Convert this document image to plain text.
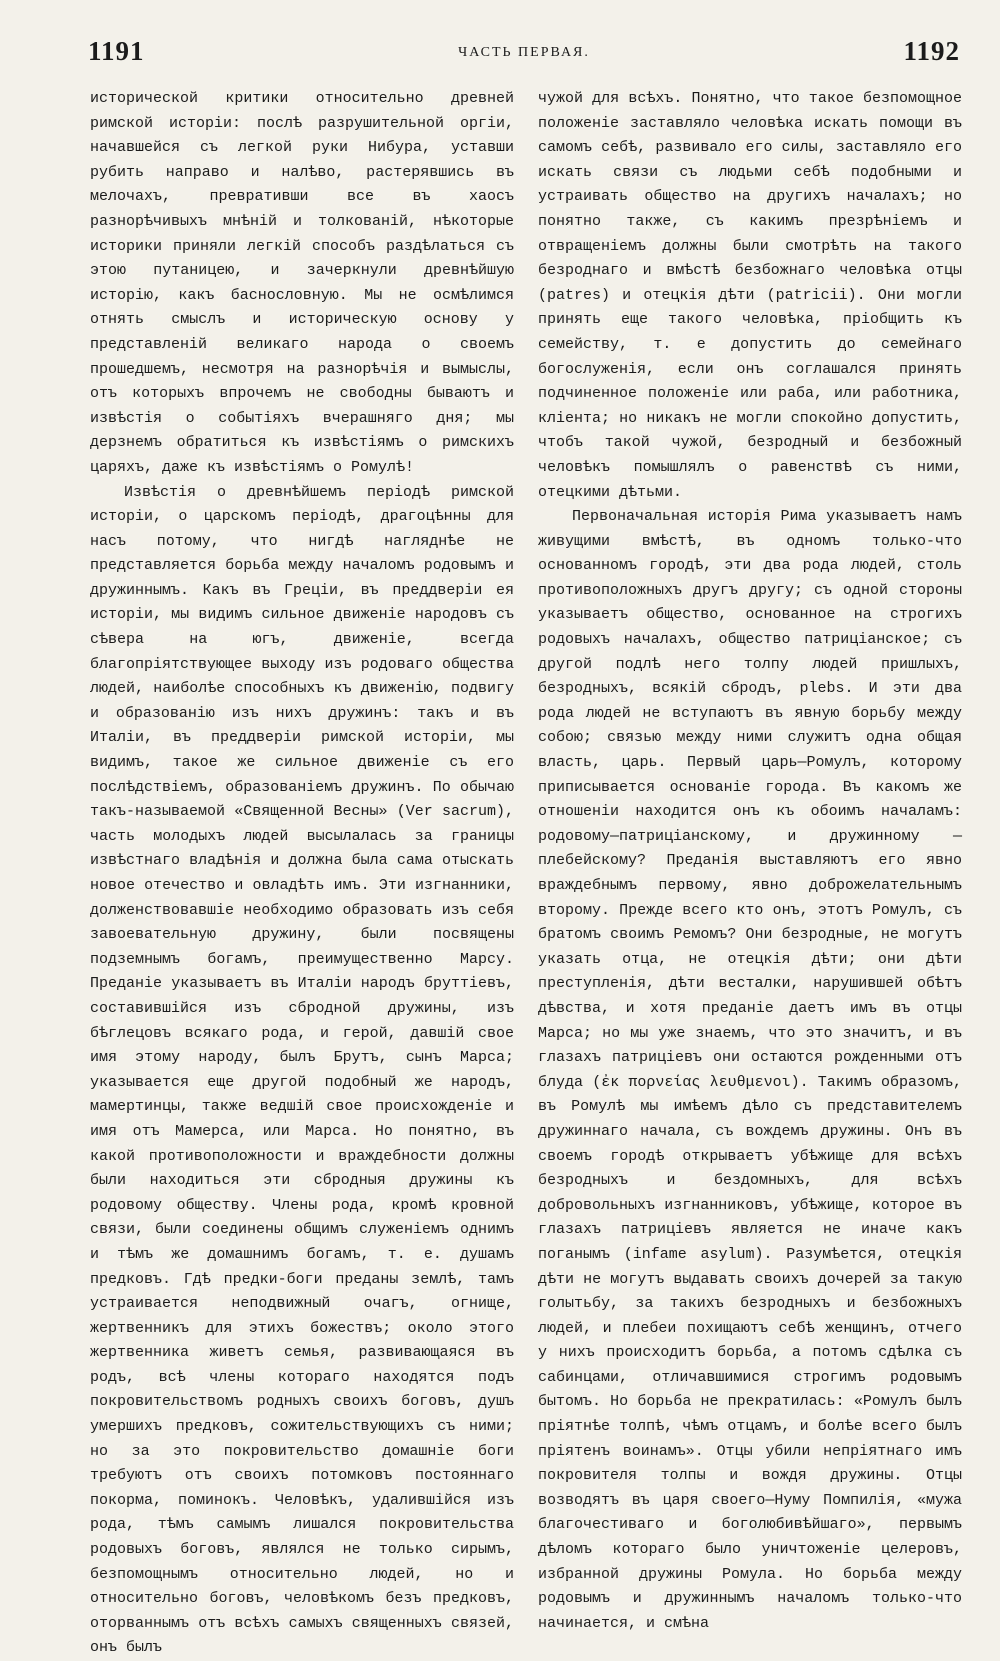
1191	ЧАСТЬ ПЕРВАЯ.	1192

исторической критики относительно древней римской исторіи: послѣ разрушительной оргіи, начавшейся съ легкой руки Нибура, уставши рубить направо и налѣво, растерявшись въ мелочахъ, превративши все въ хаосъ разнорѣчивыхъ мнѣній и толкованій, нѣкоторые историки приняли легкій способъ раздѣлаться съ этою путаницею, и зачеркнули древнѣйшую исторію, какъ баснословную. Мы не осмѣлимся отнять смыслъ и историческую основу у представленій великаго народа о своемъ прошедшемъ, несмотря на разнорѣчія и вымыслы, отъ которыхъ впрочемъ не свободны бываютъ и извѣстія о событіяхъ вчерашняго дня; мы дерзнемъ обратиться къ извѣстіямъ о римскихъ царяхъ, даже къ извѣстіямъ о Ромулѣ!

Извѣстія о древнѣйшемъ періодѣ римской исторіи, о царскомъ періодѣ, драгоцѣнны для насъ потому, что нигдѣ нагляднѣе не представляется борьба между началомъ родовымъ и дружиннымъ. Какъ въ Греціи, въ преддверіи ея исторіи, мы видимъ сильное движеніе народовъ съ сѣвера на югъ, движеніе, всегда благопріятствующее выходу изъ родоваго общества людей, наиболѣе способныхъ къ движенію, подвигу и образованію изъ нихъ дружинъ: такъ и въ Италіи, въ преддверіи римской исторіи, мы видимъ, такое же сильное движеніе съ его послѣдствіемъ, образованіемъ дружинъ. По обычаю такъ-называемой «Священной Весны» (Ver sacrum), часть молодыхъ людей высылалась за границы извѣстнаго владѣнія и должна была сама отыскать новое отечество и овладѣть имъ. Эти изгнанники, долженствовавшіе необходимо образовать изъ себя завоевательную дружину, были посвящены подземнымъ богамъ, преимущественно Марсу. Преданіе указываетъ въ Италіи народъ бруттіевъ, составившійся изъ сбродной дружины, изъ бѣглецовъ всякаго рода, и герой, давшій свое имя этому народу, былъ Брутъ, сынъ Марса; указывается еще другой подобный же народъ, мамертинцы, также ведшій свое происхожденіе и имя отъ Мамерса, или Марса. Но понятно, въ какой противоположности и враждебности должны были находиться эти сбродныя дружины къ родовому обществу. Члены рода, кромѣ кровной связи, были соединены общимъ служеніемъ однимъ и тѣмъ же домашнимъ богамъ, т. е. душамъ предковъ. Гдѣ предки-боги преданы землѣ, тамъ устраивается неподвижный очагъ, огнище, жертвенникъ для этихъ божествъ; около этого жертвенника живетъ семья, развивающаяся въ родъ, всѣ члены котораго находятся подъ покровительствомъ родныхъ своихъ боговъ, душъ умершихъ предковъ, сожительствующихъ съ ними; но за это покровительство домашніе боги требуютъ отъ своихъ потомковъ постояннаго покорма, поминокъ. Человѣкъ, удалившійся изъ рода, тѣмъ самымъ лишался покровительства родовыхъ боговъ, являлся не только сирымъ, безпомощнымъ относительно людей, но и относительно боговъ, человѣкомъ безъ предковъ, оторваннымъ отъ всѣхъ самыхъ священныхъ связей, онъ былъ

чужой для всѣхъ. Понятно, что такое безпомощное положеніе заставляло человѣка искать помощи въ самомъ себѣ, развивало его силы, заставляло его искать связи съ людьми себѣ подобными и устраивать общество на другихъ началахъ; но понятно также, съ какимъ презрѣніемъ и отвращеніемъ должны были смотрѣть на такого безроднаго и вмѣстѣ безбожнаго человѣка отцы (patres) и отецкія дѣти (patricii). Они могли принять еще такого человѣка, пріобщить къ семейству, т. е допустить до семейнаго богослуженія, если онъ соглашался принять подчиненное положеніе или раба, или работника, кліента; но никакъ не могли спокойно допустить, чтобъ такой чужой, безродный и безбожный человѣкъ помышлялъ о равенствѣ съ ними, отецкими дѣтьми.

Первоначальная исторія Рима указываетъ намъ живущими вмѣстѣ, въ одномъ только-что основанномъ городѣ, эти два рода людей, столь противоположныхъ другъ другу; съ одной стороны указываетъ общество, основанное на строгихъ родовыхъ началахъ, общество патриціанское; съ другой подлѣ него толпу людей пришлыхъ, безродныхъ, всякій сбродъ, plebs. И эти два рода людей не вступаютъ въ явную борьбу между собою; связью между ними служитъ одна общая власть, царь. Первый царь—Ромулъ, которому приписывается основаніе города. Въ какомъ же отношеніи находится онъ къ обоимъ началамъ: родовому—патриціанскому, и дружинному — плебейскому? Преданія выставляютъ его явно враждебнымъ первому, явно доброжелательнымъ второму. Прежде всего кто онъ, этотъ Ромулъ, съ братомъ своимъ Ремомъ? Они безродные, не могутъ указать отца, не отецкія дѣти; они дѣти преступленія, дѣти весталки, нарушившей обѣтъ дѣвства, и хотя преданіе даетъ имъ въ отцы Марса; но мы уже знаемъ, что это значитъ, и въ глазахъ патриціевъ они остаются рожденными отъ блуда (ἐκ πορνείας λευθμενοι). Такимъ образомъ, въ Ромулѣ мы имѣемъ дѣло съ представителемъ дружиннаго начала, съ вождемъ дружины. Онъ въ своемъ городѣ открываетъ убѣжище для всѣхъ безродныхъ и бездомныхъ, для всѣхъ добровольныхъ изгнанниковъ, убѣжище, которое въ глазахъ патриціевъ является не иначе какъ поганымъ (infame asylum). Разумѣется, отецкія дѣти не могутъ выдавать своихъ дочерей за такую голытьбу, за такихъ безродныхъ и безбожныхъ людей, и плебеи похищаютъ себѣ женщинъ, отчего у нихъ происходитъ борьба, а потомъ сдѣлка съ сабинцами, отличавшимися строгимъ родовымъ бытомъ. Но борьба не прекратилась: «Ромулъ былъ пріятнѣе толпѣ, чѣмъ отцамъ, и болѣе всего былъ пріятенъ воинамъ». Отцы убили непріятнаго имъ покровителя толпы и вождя дружины. Отцы возводятъ въ царя своего—Нуму Помпилія, «мужа благочестиваго и боголюбивѣйшаго», первымъ дѣломъ котораго было уничтоженіе целеровъ, избранной дружины Ромула. Но борьба между родовымъ и дружиннымъ началомъ только-что начинается, и смѣна
